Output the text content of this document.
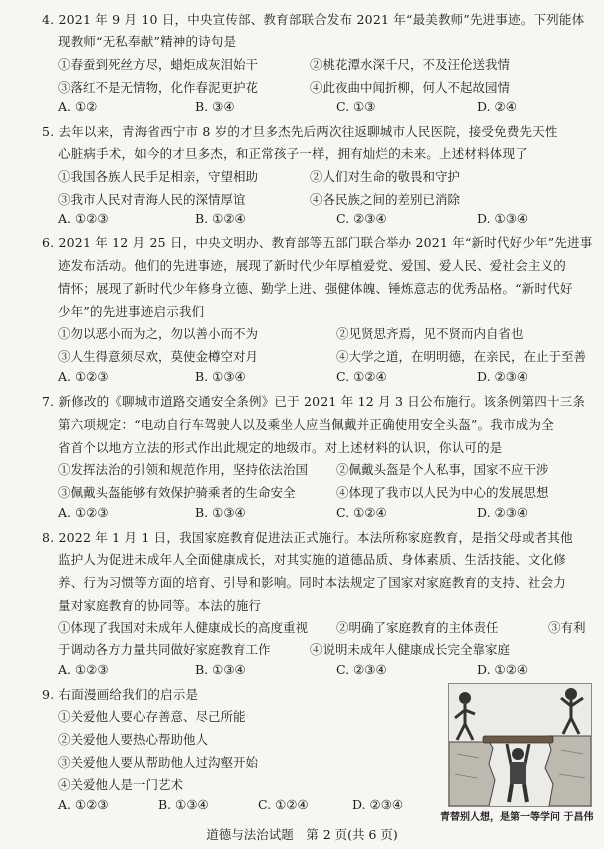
4. 2021 年 9 月 10 日，中央宣传部、教育部联合发布 2021 年“最美教师”先进事迹。下列能体
现教师“无私奉献”精神的诗句是
①春蚕到死丝方尽，蜡炬成灰泪始干	②桃花潭水深千尺，不及汪伦送我情
③落红不是无情物，化作春泥更护花	④此夜曲中闻折柳，何人不起故园情
A. ①②	B. ③④	C. ①③	D. ②④
5. 去年以来，青海省西宁市 8 岁的才旦多杰先后两次往返聊城市人民医院，接受免费先天性
心脏病手术，如今的才旦多杰，和正常孩子一样，拥有灿烂的未来。上述材料体现了
①我国各族人民手足相亲，守望相助	②人们对生命的敬畏和守护
③我市人民对青海人民的深情厚谊	④各民族之间的差别已消除
A. ①②③	B. ①②④	C. ②③④	D. ①③④
6. 2021 年 12 月 25 日，中央文明办、教育部等五部门联合举办 2021 年“新时代好少年”先进事
迹发布活动。他们的先进事迹，展现了新时代少年厚植爱党、爱国、爱人民、爱社会主义的
情怀；展现了新时代少年修身立德、勤学上进、强健体魄、锤炼意志的优秀品格。“新时代好
少年”的先进事迹启示我们
①勿以恶小而为之，勿以善小而不为	②见贤思齐焉，见不贤而内自省也
③人生得意须尽欢，莫使金樽空对月	④大学之道，在明明德，在亲民，在止于至善
A. ①②③	B. ①③④	C. ①②④	D. ②③④
7. 新修改的《聊城市道路交通安全条例》已于 2021 年 12 月 3 日公布施行。该条例第四十三条
第六项规定：“电动自行车驾驶人以及乘坐人应当佩戴并正确使用安全头盔”。我市成为全
省首个以地方立法的形式作出此规定的地级市。对上述材料的认识，你认可的是
①发挥法治的引领和规范作用，坚持依法治国 ②佩戴头盔是个人私事，国家不应干涉
③佩戴头盔能够有效保护骑乘者的生命安全	④体现了我市以人民为中心的发展思想
A. ①②③	B. ①③④	C. ①②④	D. ②③④
8. 2022 年 1 月 1 日，我国家庭教育促进法正式施行。本法所称家庭教育，是指父母或者其他
监护人为促进未成年人全面健康成长，对其实施的道德品质、身体素质、生活技能、文化修
养、行为习惯等方面的培育、引导和影响。同时本法规定了国家对家庭教育的支持、社会力
量对家庭教育的协同等。本法的施行
①体现了我国对未成年人健康成长的高度重视 ②明确了家庭教育的主体责任	③有利
于调动各方力量共同做好家庭教育工作	④说明未成年人健康成长完全靠家庭
A. ①②③	B. ①③④	C. ②③④	D. ①②④
9. 右面漫画给我们的启示是
①关爱他人要心存善意、尽己所能
②关爱他人要热心帮助他人
③关爱他人要从帮助他人过沟壑开始
④关爱他人是一门艺术
A. ①②③	B. ①③④	C. ①②④	D. ②③④
青替别人想，是第一等学问 于昌伟
道德与法治试题　第 2 页(共 6 页)
